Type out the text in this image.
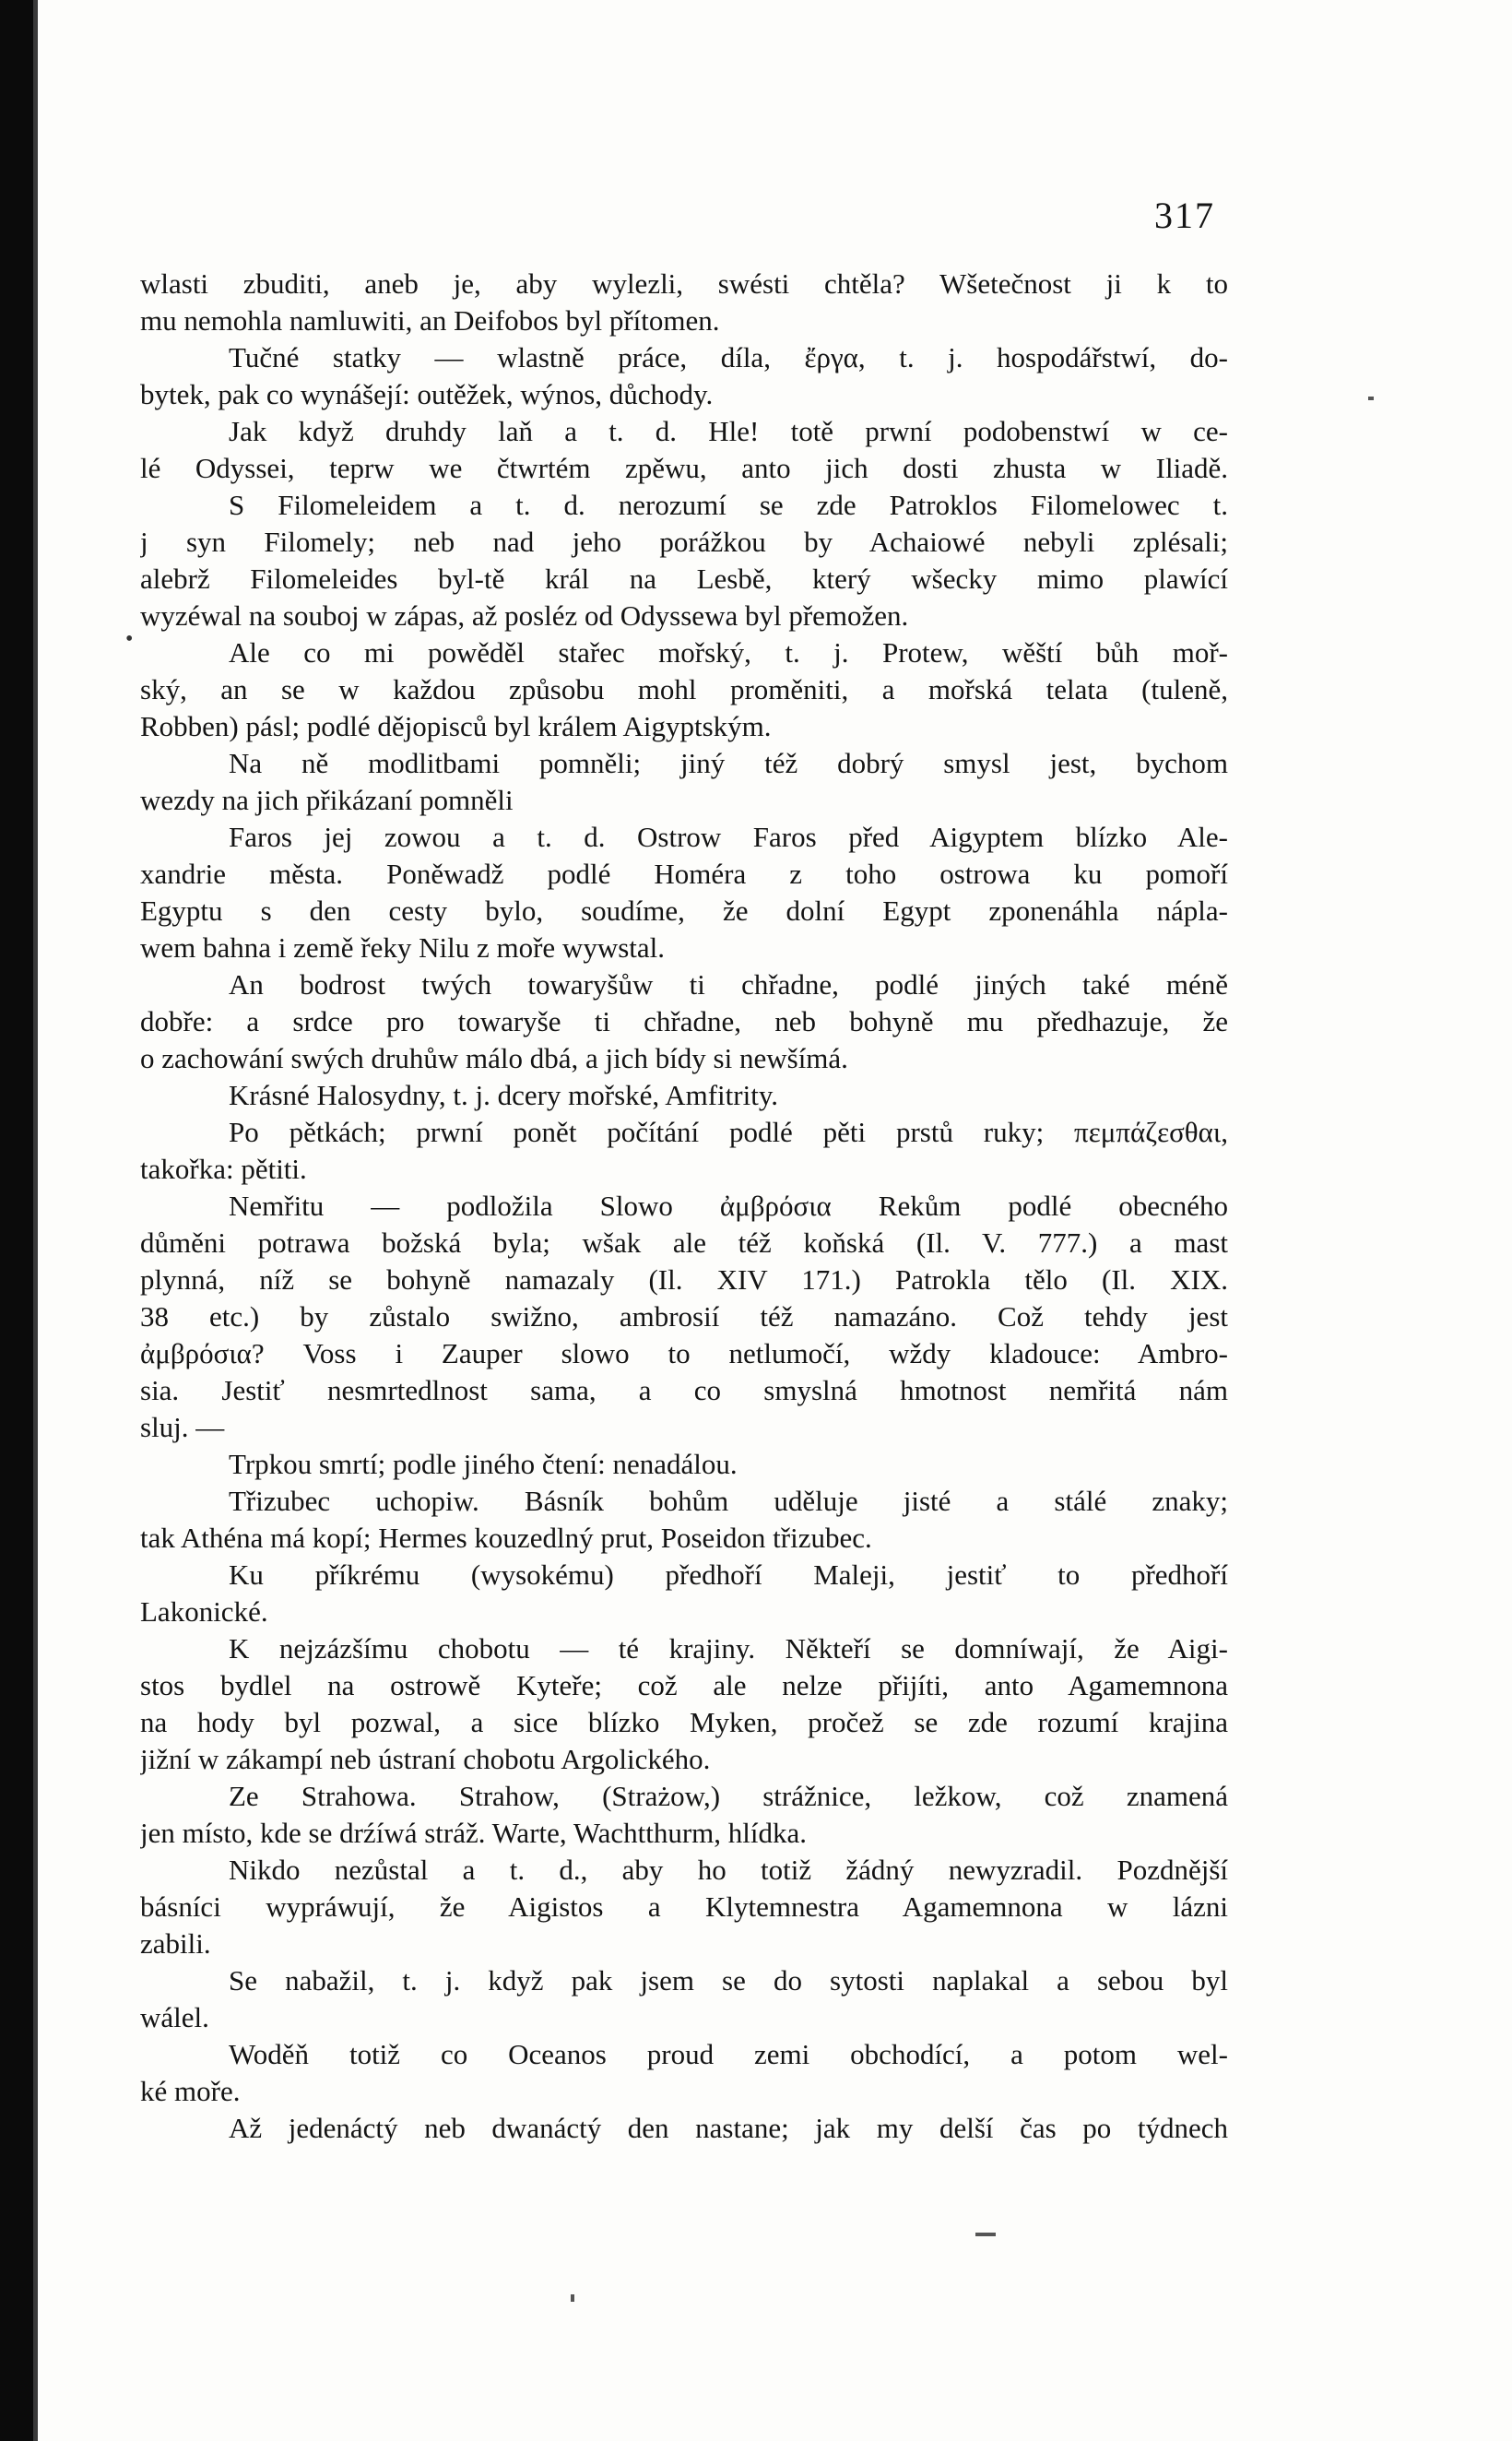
317
•
wlasti zbuditi, aneb je, aby wylezli, swésti chtěla? Wšetečnost ji k to
mu nemohla namluwiti, an Deifobos byl přítomen.
Tučné statky — wlastně práce, díla, ἔργα, t. j. hospodářstwí, do-
bytek, pak co wynášejí: outěžek, wýnos, důchody.
Jak když druhdy laň a t. d. Hle! totě prwní podobenstwí w ce-
lé Odyssei, teprw we čtwrtém zpěwu, anto jich dosti zhusta w Iliadě.
S Filomeleidem a t. d. nerozumí se zde Patroklos Filomelowec t.
j syn Filomely; neb nad jeho porážkou by Achaiowé nebyli zplésali;
alebrž Filomeleides byl-tě král na Lesbě, který wšecky mimo plawící
wyzéwal na souboj w zápas, až posléz od Odyssewa byl přemožen.
Ale co mi powěděl stařec mořský, t. j. Protew, wěští bůh moř-
ský, an se w každou způsobu mohl proměniti, a mořská telata (tuleně,
Robben) pásl; podlé dějopisců byl králem Aigyptským.
Na ně modlitbami pomněli; jiný též dobrý smysl jest, bychom
wezdy na jich přikázaní pomněli
Faros jej zowou a t. d. Ostrow Faros před Aigyptem blízko Ale-
xandrie města. Poněwadž podlé Homéra z toho ostrowa ku pomoří
Egyptu s den cesty bylo, soudíme, že dolní Egypt zponenáhla náplа-
wem bahna i země řeky Nilu z moře wywstal.
An bodrost twých towaryšůw ti chřadne, podlé jiných také méně
dobře: a srdce pro towaryše ti chřadne, neb bohyně mu předhazuje, že
o zachowání swých druhůw málo dbá, a jich bídy si newšímá.
Krásné Halosydny, t. j. dcery mořské, Amfitrity.
Po pětkách; prwní ponět počítání podlé pěti prstů ruky; πεμπάζεσθαι,
takořka: pětiti.
Nemřitu — podložila Slowo ἀμβρόσια Rekům podlé obecného
důměni potrawa božská byla; wšak ale též koňská (Il. V. 777.) a mast
plynná, níž se bohyně namazaly (Il. XIV 171.) Patrokla tělo (Il. XIX.
38 etc.) by zůstalo swižno, ambrosií též namazáno. Což tehdy jest
ἀμβρόσια? Voss i Zauper slowo to netlumočí, wždy kladouce: Ambro-
sia. Jestiť nesmrtedlnost sama, a co smyslná hmotnost nemřitá nám
sluj. —
Trpkou smrtí; podle jiného čtení: nenadálou.
Třizubec uchopiw. Básník bohům uděluje jisté a stálé znaky;
tak Athéna má kopí; Hermes kouzedlný prut, Poseidon třizubec.
Ku příkrému (wysokému) předhoří Maleji, jestiť to předhoří
Lakonické.
K nejzázšímu chobotu — té krajiny. Někteří se domníwají, že Aigi-
stos bydlel na ostrowě Kyteře; což ale nelze přijíti, anto Agamemnona
na hody byl pozwal, a sice blízko Myken, pročež se zde rozumí krajina
jižní w zákampí neb ústraní chobotu Argolického.
Ze Strahowa. Strahow, (Strażow,) strážnice, ležkow, což znamená
jen místo, kde se drźíwá stráž. Warte, Wachtthurm, hlídka.
Nikdo nezůstal a t. d., aby ho totiž žádný newyzradil. Pozdnější
básníci wypráwují, že Aigistos a Klytemnestra Agamemnona w lázni
zabili.
Se nabažil, t. j. když pak jsem se do sytosti naplakal a sebou byl
wálel.
Woděň totiž co Oceanos proud zemi obchodící, a potom wel-
ké moře.
Až jedenáctý neb dwanáctý den nastane; jak my delší čas po týdnech
